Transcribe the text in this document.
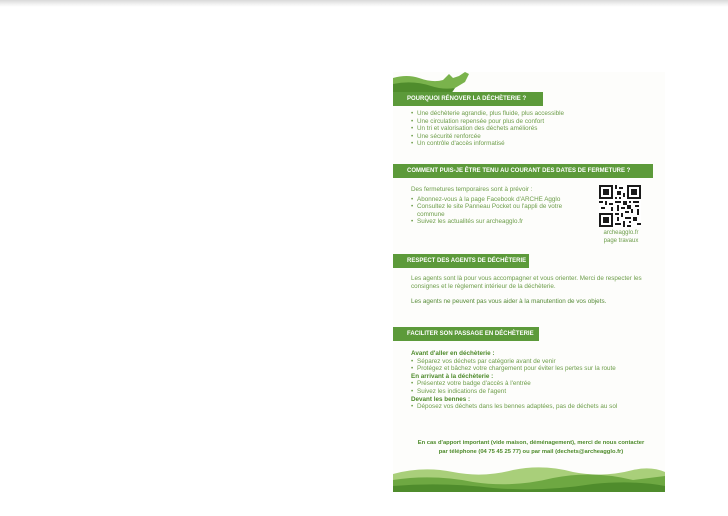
POURQUOI RÉNOVER LA DÉCHÈTERIE ?
• Une déchèterie agrandie, plus fluide, plus accessible
• Une circulation repensée pour plus de confort
• Un tri et valorisation des déchets améliorés
• Une sécurité renforcée
• Un contrôle d'accès informatisé
COMMENT PUIS-JE ÊTRE TENU AU COURANT DES DATES DE FERMETURE ?

Des fermetures temporaires sont à prévoir :

• Abonnez-vous à la page Facebook d'ARCHE Agglo
• Consultez le site Panneau Pocket ou l'appli de votre commune
• Suivez les actualités sur archeagglo.fr
archeagglo.fr
page travaux
RESPECT DES AGENTS DE DÉCHÈTERIE

Les agents sont là pour vous accompagner et vous orienter. Merci de respecter les consignes et le règlement intérieur de la déchèterie.

Les agents ne peuvent pas vous aider à la manutention de vos objets.

FACILITER SON PASSAGE EN DÉCHÈTERIE

Avant d'aller en déchèterie :

• Séparez vos déchets par catégorie avant de venir
• Protégez et bâchez votre chargement pour éviter les pertes sur la route

En arrivant à la déchèterie :

• Présentez votre badge d'accès à l'entrée
• Suivez les indications de l'agent

Devant les bennes :

• Déposez vos déchets dans les bennes adaptées, pas de déchets au sol
En cas d'apport important (vide maison, déménagement), merci de nous contacter
par téléphone (04 75 45 25 77) ou par mail (dechets@archeagglo.fr)
